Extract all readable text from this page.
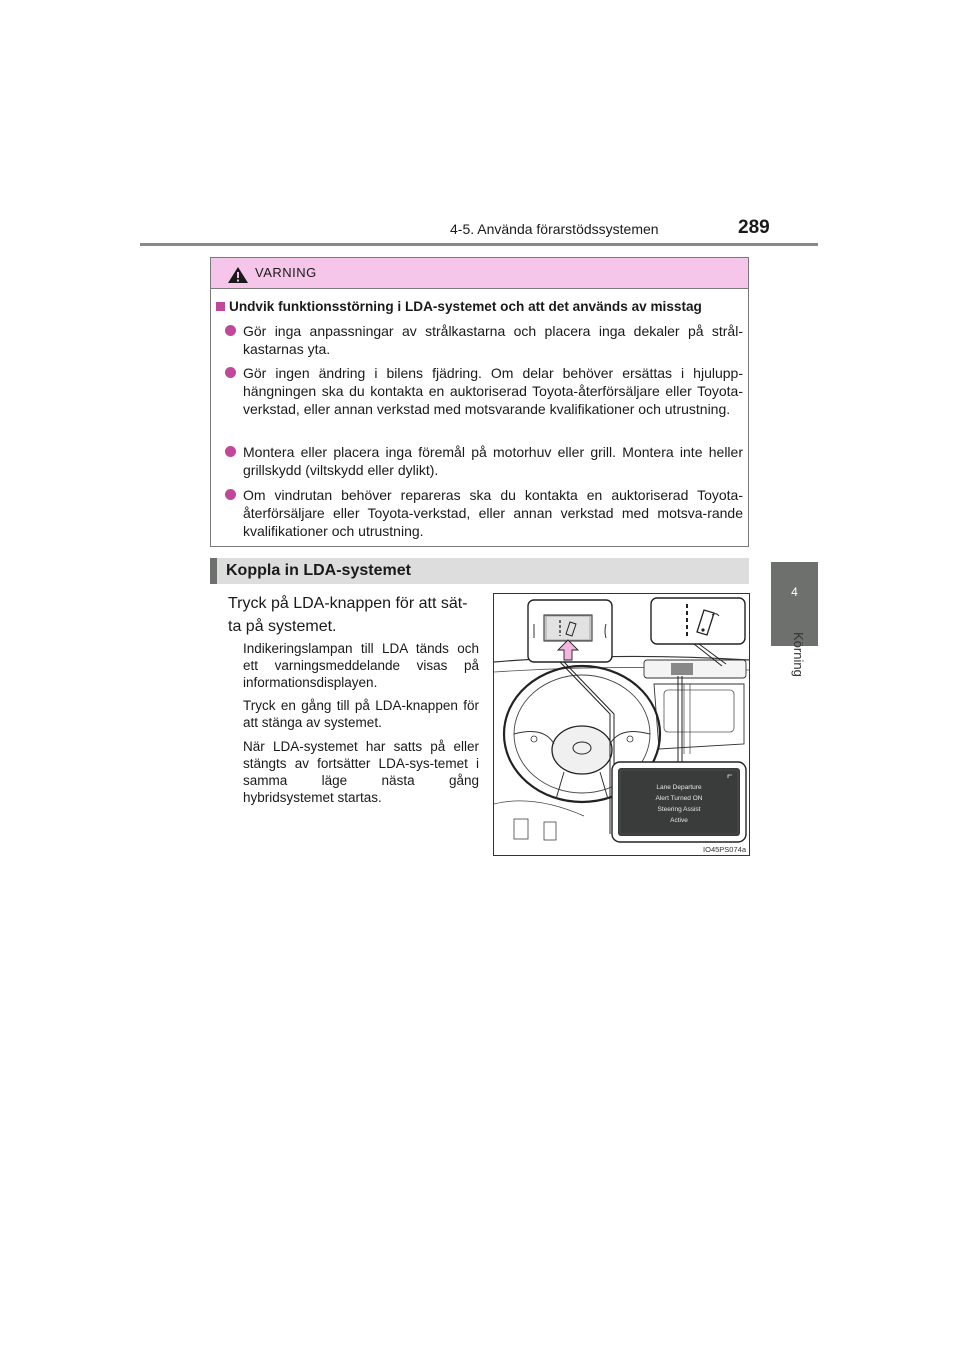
4-5. Använda förarstödssystemen	289
4
Körning
VARNING
Undvik funktionsstörning i LDA-systemet och att det används av misstag
Gör inga anpassningar av strålkastarna och placera inga dekaler på strål-kastarnas yta.
Gör ingen ändring i bilens fjädring. Om delar behöver ersättas i hjulupp-hängningen ska du kontakta en auktoriserad Toyota-återförsäljare eller Toyota-verkstad, eller annan verkstad med motsvarande kvalifikationer och utrustning.
Montera eller placera inga föremål på motorhuv eller grill. Montera inte heller grillskydd (viltskydd eller dylikt).
Om vindrutan behöver repareras ska du kontakta en auktoriserad Toyota-återförsäljare eller Toyota-verkstad, eller annan verkstad med motsva-rande kvalifikationer och utrustning.
Koppla in LDA-systemet
Tryck på LDA-knappen för att sät-ta på systemet.
Indikeringslampan till LDA tänds och ett varningsmeddelande visas på informationsdisplayen.
Tryck en gång till på LDA-knappen för att stänga av systemet.
När LDA-systemet har satts på eller stängts av fortsätter LDA-sys-temet i samma läge nästa gång hybridsystemet startas.
Lane Departure
Alert Turned ON
Steering Assist
Active
IO45PS074a
